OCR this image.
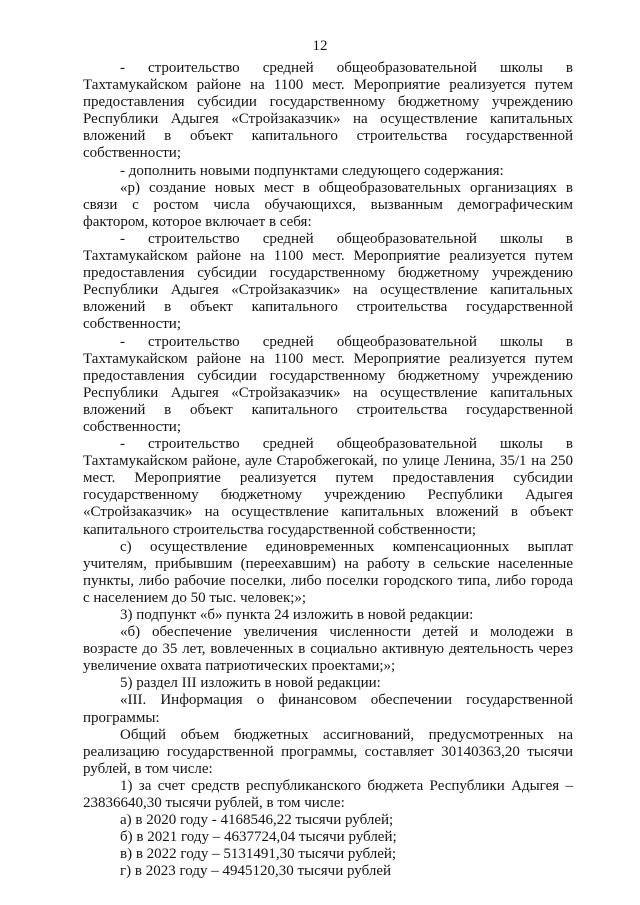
12

- строительство средней общеобразовательной школы в Тахтамукайском районе на 1100 мест. Мероприятие реализуется путем предоставления субсидии государственному бюджетному учреждению Республики Адыгея «Стройзаказчик» на осуществление капитальных вложений в объект капитального строительства государственной собственности;

- дополнить новыми подпунктами следующего содержания:

«р) создание новых мест в общеобразовательных организациях в связи с ростом числа обучающихся, вызванным демографическим фактором, которое включает в себя:

- строительство средней общеобразовательной школы в Тахтамукайском районе на 1100 мест. Мероприятие реализуется путем предоставления субсидии государственному бюджетному учреждению Республики Адыгея «Стройзаказчик» на осуществление капитальных вложений в объект капитального строительства государственной собственности;

- строительство средней общеобразовательной школы в Тахтамукайском районе на 1100 мест. Мероприятие реализуется путем предоставления субсидии государственному бюджетному учреждению Республики Адыгея «Стройзаказчик» на осуществление капитальных вложений в объект капитального строительства государственной собственности;

- строительство средней общеобразовательной школы в Тахтамукайском районе, ауле Старобжегокай, по улице Ленина, 35/1 на 250 мест. Мероприятие реализуется путем предоставления субсидии государственному бюджетному учреждению Республики Адыгея «Стройзаказчик» на осуществление капитальных вложений в объект капитального строительства государственной собственности;

с) осуществление единовременных компенсационных выплат учителям, прибывшим (переехавшим) на работу в сельские населенные пункты, либо рабочие поселки, либо поселки городского типа, либо города с населением до 50 тыс. человек;»;

3) подпункт «б» пункта 24 изложить в новой редакции:

«б) обеспечение увеличения численности детей и молодежи в возрасте до 35 лет, вовлеченных в социально активную деятельность через увеличение охвата патриотических проектами;»;

5) раздел III изложить в новой редакции:

«III. Информация о финансовом обеспечении государственной программы:

Общий объем бюджетных ассигнований, предусмотренных на реализацию государственной программы, составляет 30140363,20 тысячи рублей, в том числе:

1) за счет средств республиканского бюджета Республики Адыгея – 23836640,30 тысячи рублей, в том числе:

а) в 2020 году - 4168546,22 тысячи рублей;

б) в 2021 году – 4637724,04 тысячи рублей;

в) в 2022 году – 5131491,30 тысячи рублей;

г) в 2023 году – 4945120,30 тысячи рублей
